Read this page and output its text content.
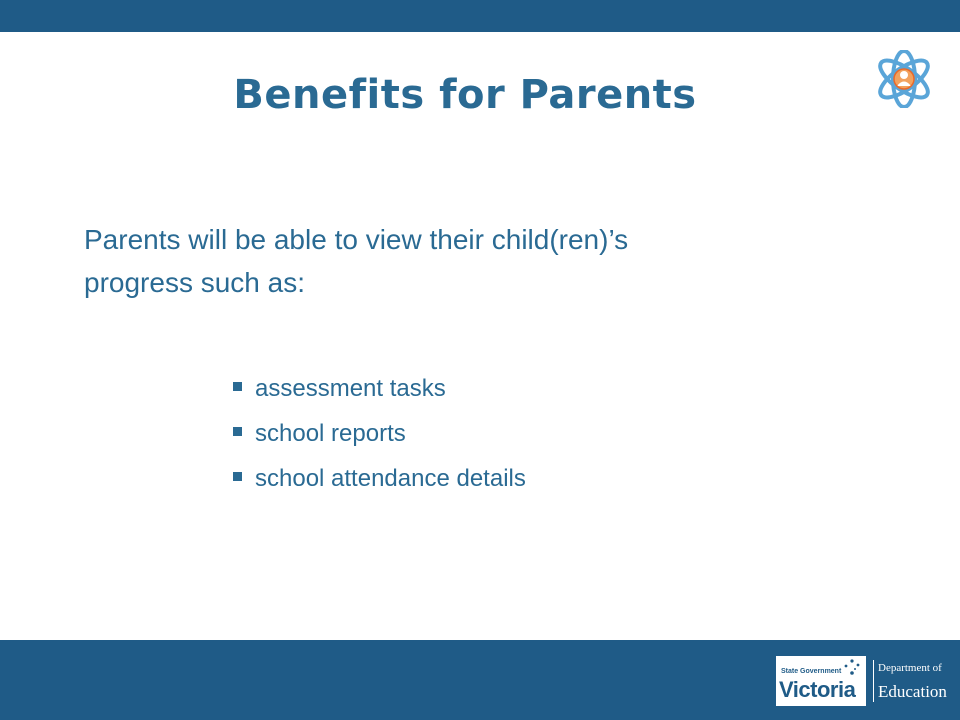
Benefits for Parents
Parents will be able to view their child(ren)’s
progress such as:
assessment tasks
school reports
school attendance details
State Government
Victoria
Department of
Education
